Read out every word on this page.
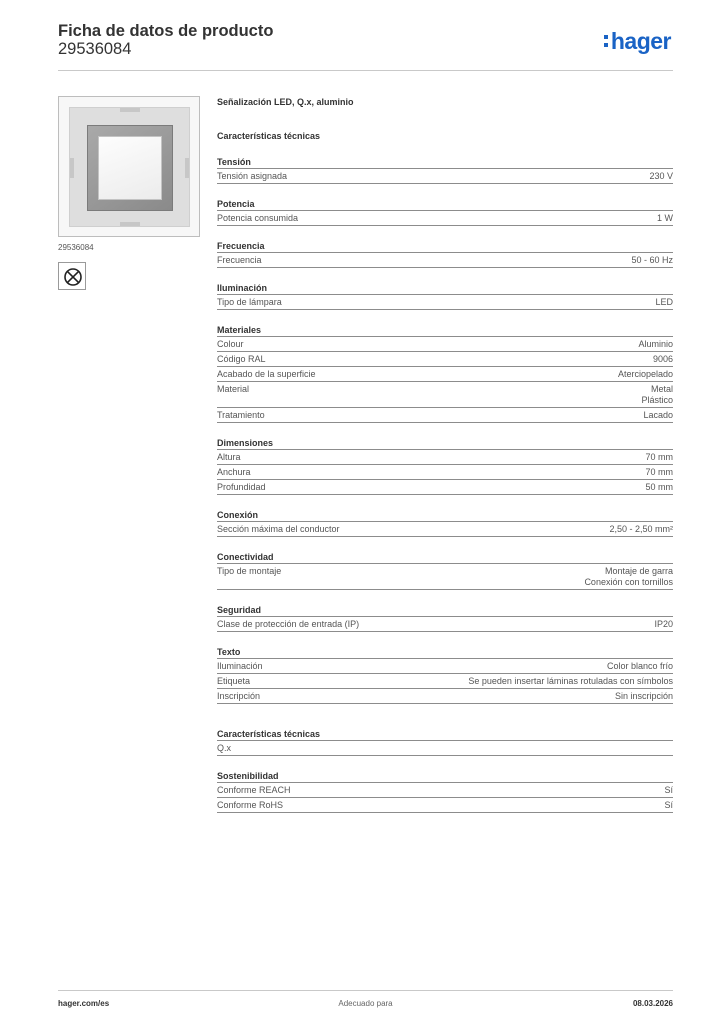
Ficha de datos de producto
29536084	hager
29536084
Señalización LED, Q.x, aluminio
Características técnicas
Tensión
Tensión asignada	230 V
Potencia
Potencia consumida	1 W
Frecuencia
Frecuencia	50 - 60 Hz
Iluminación
Tipo de lámpara	LED
Materiales
Colour	Aluminio
Código RAL	9006
Acabado de la superficie	Aterciopelado
Material	Metal
Plástico
Tratamiento	Lacado
Dimensiones
Altura	70 mm
Anchura	70 mm
Profundidad	50 mm
Conexión
Sección máxima del conductor	2,50 - 2,50 mm²
Conectividad
Tipo de montaje	Montaje de garra
Conexión con tornillos
Seguridad
Clase de protección de entrada (IP)	IP20
Texto
Iluminación	Color blanco frío
Etiqueta	Se pueden insertar láminas rotuladas con símbolos
Inscripción	Sin inscripción
Características técnicas
Q.x

Sostenibilidad
Conforme REACH	Sí
Conforme RoHS	Sí
hager.com/es	Adecuado para	08.03.2026
